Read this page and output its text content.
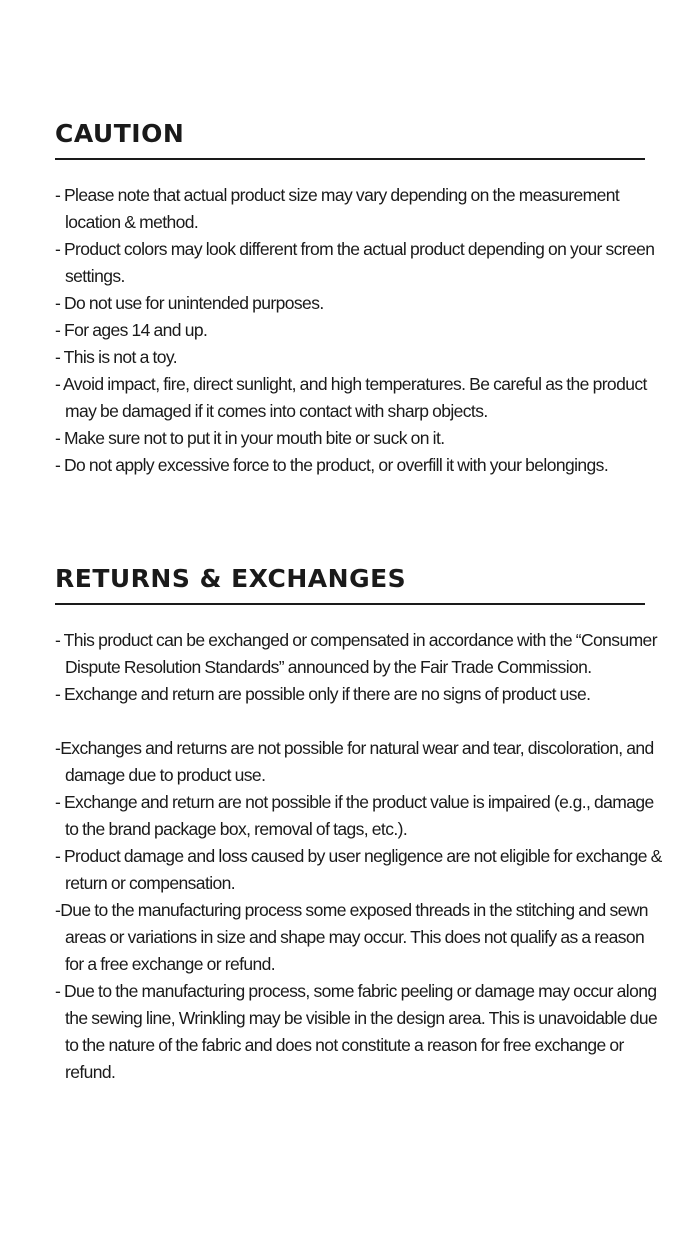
CAUTION
- Please note that actual product size may vary depending on the measurement location & method.
- Product colors may look different from the actual product depending on your screen settings.
- Do not use for unintended purposes.
- For ages 14 and up.
- This is not a toy.
- Avoid impact, fire, direct sunlight, and high temperatures. Be careful as the product may be damaged if it comes into contact with sharp objects.
- Make sure not to put it in your mouth bite or suck on it.
- Do not apply excessive force to the product, or overfill it with your belongings.
RETURNS & EXCHANGES
- This product can be exchanged or compensated in accordance with the “Consumer Dispute Resolution Standards” announced by the Fair Trade Commission.
- Exchange and return are possible only if there are no signs of product use.
-Exchanges and returns are not possible for natural wear and tear, discoloration, and damage due to product use.
- Exchange and return are not possible if the product value is impaired (e.g., damage to the brand package box, removal of tags, etc.).
- Product damage and loss caused by user negligence are not eligible for exchange & return or compensation.
-Due to the manufacturing process some exposed threads in the stitching and sewn areas or variations in size and shape may occur. This does not qualify as a reason for a free exchange or refund.
- Due to the manufacturing process, some fabric peeling or damage may occur along the sewing line, Wrinkling may be visible in the design area. This is unavoidable due to the nature of the fabric and does not constitute a reason for free exchange or refund.
